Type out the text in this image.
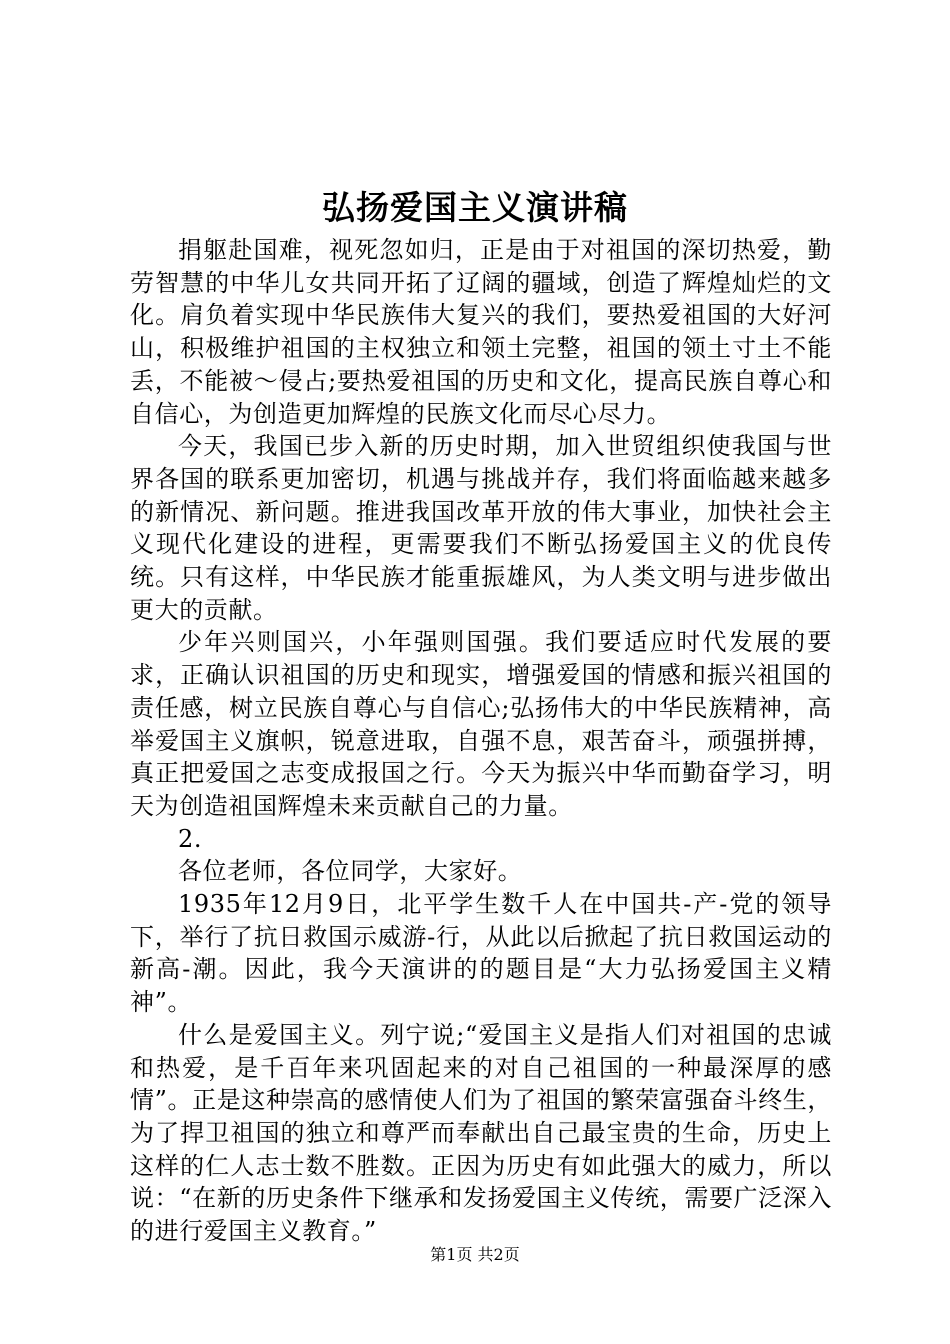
弘扬爱国主义演讲稿

捐躯赴国难，视死忽如归，正是由于对祖国的深切热爱，勤劳智慧的中华儿女共同开拓了辽阔的疆域，创造了辉煌灿烂的文化。肩负着实现中华民族伟大复兴的我们，要热爱祖国的大好河山，积极维护祖国的主权独立和领土完整，祖国的领土寸土不能丢，不能被～侵占;要热爱祖国的历史和文化，提高民族自尊心和自信心，为创造更加辉煌的民族文化而尽心尽力。

今天，我国已步入新的历史时期，加入世贸组织使我国与世界各国的联系更加密切，机遇与挑战并存，我们将面临越来越多的新情况、新问题。推进我国改革开放的伟大事业，加快社会主义现代化建设的进程，更需要我们不断弘扬爱国主义的优良传统。只有这样，中华民族才能重振雄风，为人类文明与进步做出更大的贡献。

少年兴则国兴，小年强则国强。我们要适应时代发展的要求，正确认识祖国的历史和现实，增强爱国的情感和振兴祖国的责任感，树立民族自尊心与自信心;弘扬伟大的中华民族精神，高举爱国主义旗帜，锐意进取，自强不息，艰苦奋斗，顽强拼搏，真正把爱国之志变成报国之行。今天为振兴中华而勤奋学习，明天为创造祖国辉煌未来贡献自己的力量。

2.

各位老师，各位同学，大家好。

1935年12月9日，北平学生数千人在中国共-产-党的领导下，举行了抗日救国示威游-行，从此以后掀起了抗日救国运动的新高-潮。因此，我今天演讲的的题目是“大力弘扬爱国主义精神”。

什么是爱国主义。列宁说;“爱国主义是指人们对祖国的忠诚和热爱，是千百年来巩固起来的对自己祖国的一种最深厚的感情”。正是这种崇高的感情使人们为了祖国的繁荣富强奋斗终生，为了捍卫祖国的独立和尊严而奉献出自己最宝贵的生命，历史上这样的仁人志士数不胜数。正因为历史有如此强大的威力，所以说：“在新的历史条件下继承和发扬爱国主义传统，需要广泛深入的进行爱国主义教育。”

第1页 共2页
